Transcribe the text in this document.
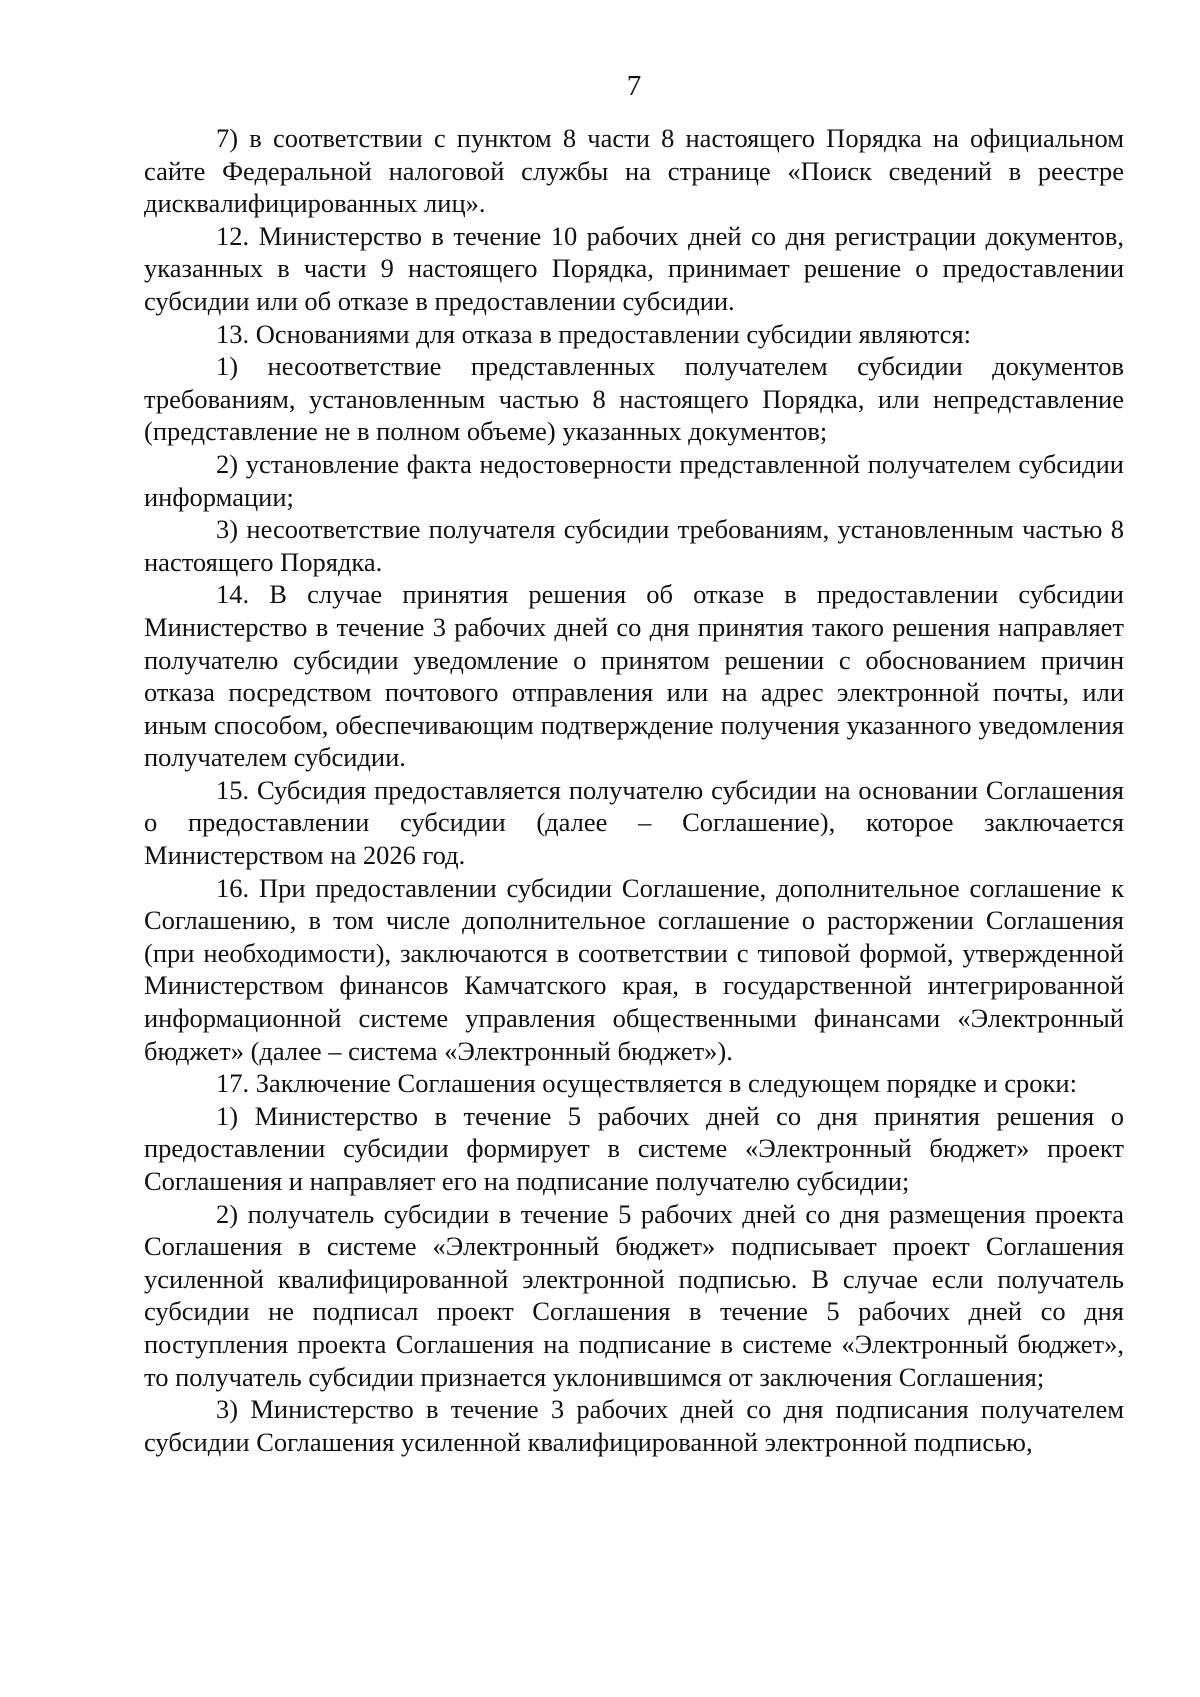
7

7) в соответствии с пунктом 8 части 8 настоящего Порядка на официальном сайте Федеральной налоговой службы на странице «Поиск сведений в реестре дисквалифицированных лиц».

12. Министерство в течение 10 рабочих дней со дня регистрации документов, указанных в части 9 настоящего Порядка, принимает решение о предоставлении субсидии или об отказе в предоставлении субсидии.

13. Основаниями для отказа в предоставлении субсидии являются:

1) несоответствие представленных получателем субсидии документов требованиям, установленным частью 8 настоящего Порядка, или непредставление (представление не в полном объеме) указанных документов;

2) установление факта недостоверности представленной получателем субсидии информации;

3) несоответствие получателя субсидии требованиям, установленным частью 8 настоящего Порядка.

14. В случае принятия решения об отказе в предоставлении субсидии Министерство в течение 3 рабочих дней со дня принятия такого решения направляет получателю субсидии уведомление о принятом решении с обоснованием причин отказа посредством почтового отправления или на адрес электронной почты, или иным способом, обеспечивающим подтверждение получения указанного уведомления получателем субсидии.

15. Субсидия предоставляется получателю субсидии на основании Соглашения о предоставлении субсидии (далее – Соглашение), которое заключается Министерством на 2026 год.

16. При предоставлении субсидии Соглашение, дополнительное соглашение к Соглашению, в том числе дополнительное соглашение о расторжении Соглашения (при необходимости), заключаются в соответствии с типовой формой, утвержденной Министерством финансов Камчатского края, в государственной интегрированной информационной системе управления общественными финансами «Электронный бюджет» (далее – система «Электронный бюджет»).

17. Заключение Соглашения осуществляется в следующем порядке и сроки:

1) Министерство в течение 5 рабочих дней со дня принятия решения о предоставлении субсидии формирует в системе «Электронный бюджет» проект Соглашения и направляет его на подписание получателю субсидии;

2) получатель субсидии в течение 5 рабочих дней со дня размещения проекта Соглашения в системе «Электронный бюджет» подписывает проект Соглашения усиленной квалифицированной электронной подписью. В случае если получатель субсидии не подписал проект Соглашения в течение 5 рабочих дней со дня поступления проекта Соглашения на подписание в системе «Электронный бюджет», то получатель субсидии признается уклонившимся от заключения Соглашения;

3) Министерство в течение 3 рабочих дней со дня подписания получателем субсидии Соглашения усиленной квалифицированной электронной подписью,
